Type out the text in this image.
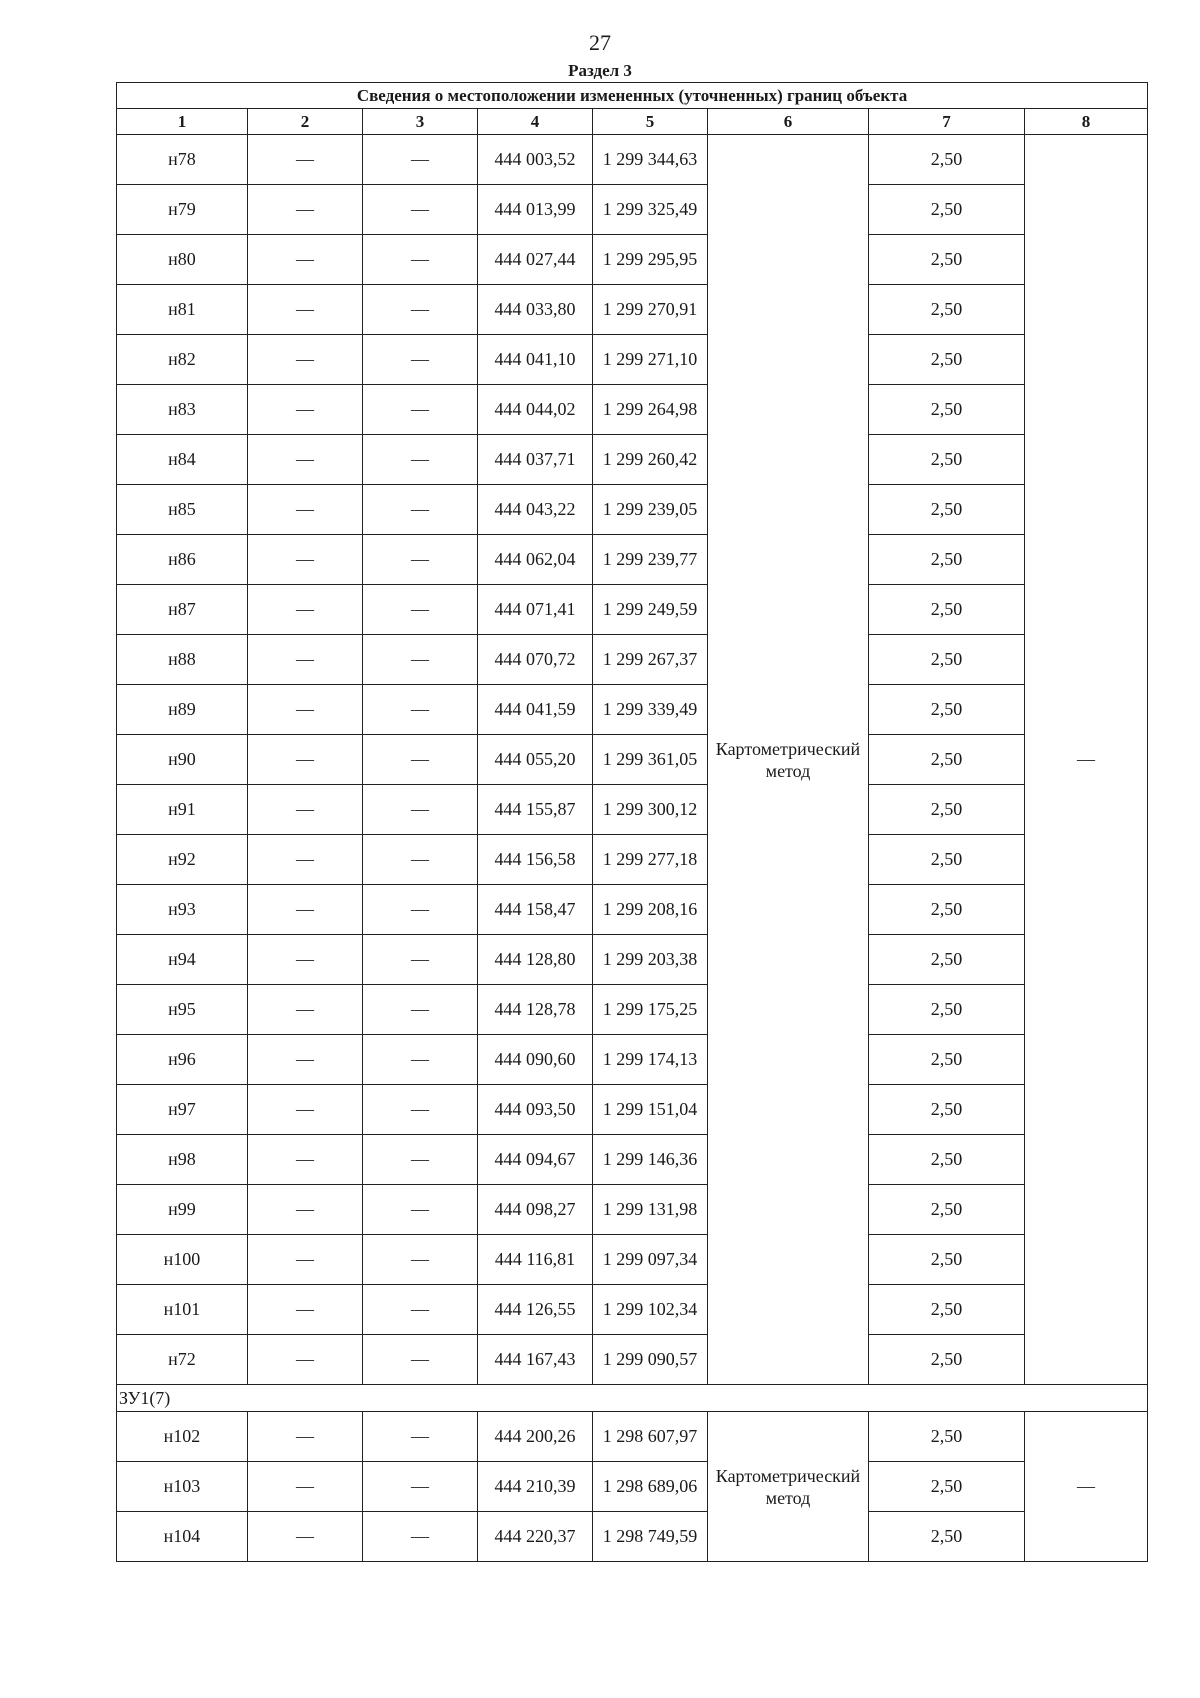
27
Раздел 3
Сведения о местоположении измененных (уточненных) границ объекта							
1	2	3	4	5	6	7	8
н78	—	—	444 003,52	1 299 344,63	Картометрический метод	2,50	—
н79	—	—	444 013,99	1 299 325,49		2,50	
н80	—	—	444 027,44	1 299 295,95		2,50	
н81	—	—	444 033,80	1 299 270,91		2,50	
н82	—	—	444 041,10	1 299 271,10		2,50	
н83	—	—	444 044,02	1 299 264,98		2,50	
н84	—	—	444 037,71	1 299 260,42		2,50	
н85	—	—	444 043,22	1 299 239,05		2,50	
н86	—	—	444 062,04	1 299 239,77		2,50	
н87	—	—	444 071,41	1 299 249,59		2,50	
н88	—	—	444 070,72	1 299 267,37		2,50	
н89	—	—	444 041,59	1 299 339,49		2,50	
н90	—	—	444 055,20	1 299 361,05		2,50	
н91	—	—	444 155,87	1 299 300,12		2,50	
н92	—	—	444 156,58	1 299 277,18		2,50	
н93	—	—	444 158,47	1 299 208,16		2,50	
н94	—	—	444 128,80	1 299 203,38		2,50	
н95	—	—	444 128,78	1 299 175,25		2,50	
н96	—	—	444 090,60	1 299 174,13		2,50	
н97	—	—	444 093,50	1 299 151,04		2,50	
н98	—	—	444 094,67	1 299 146,36		2,50	
н99	—	—	444 098,27	1 299 131,98		2,50	
н100	—	—	444 116,81	1 299 097,34		2,50	
н101	—	—	444 126,55	1 299 102,34		2,50	
н72	—	—	444 167,43	1 299 090,57		2,50	
ЗУ1(7)							
н102	—	—	444 200,26	1 298 607,97	Картометрический метод	2,50	—
н103	—	—	444 210,39	1 298 689,06		2,50	
н104	—	—	444 220,37	1 298 749,59		2,50	
